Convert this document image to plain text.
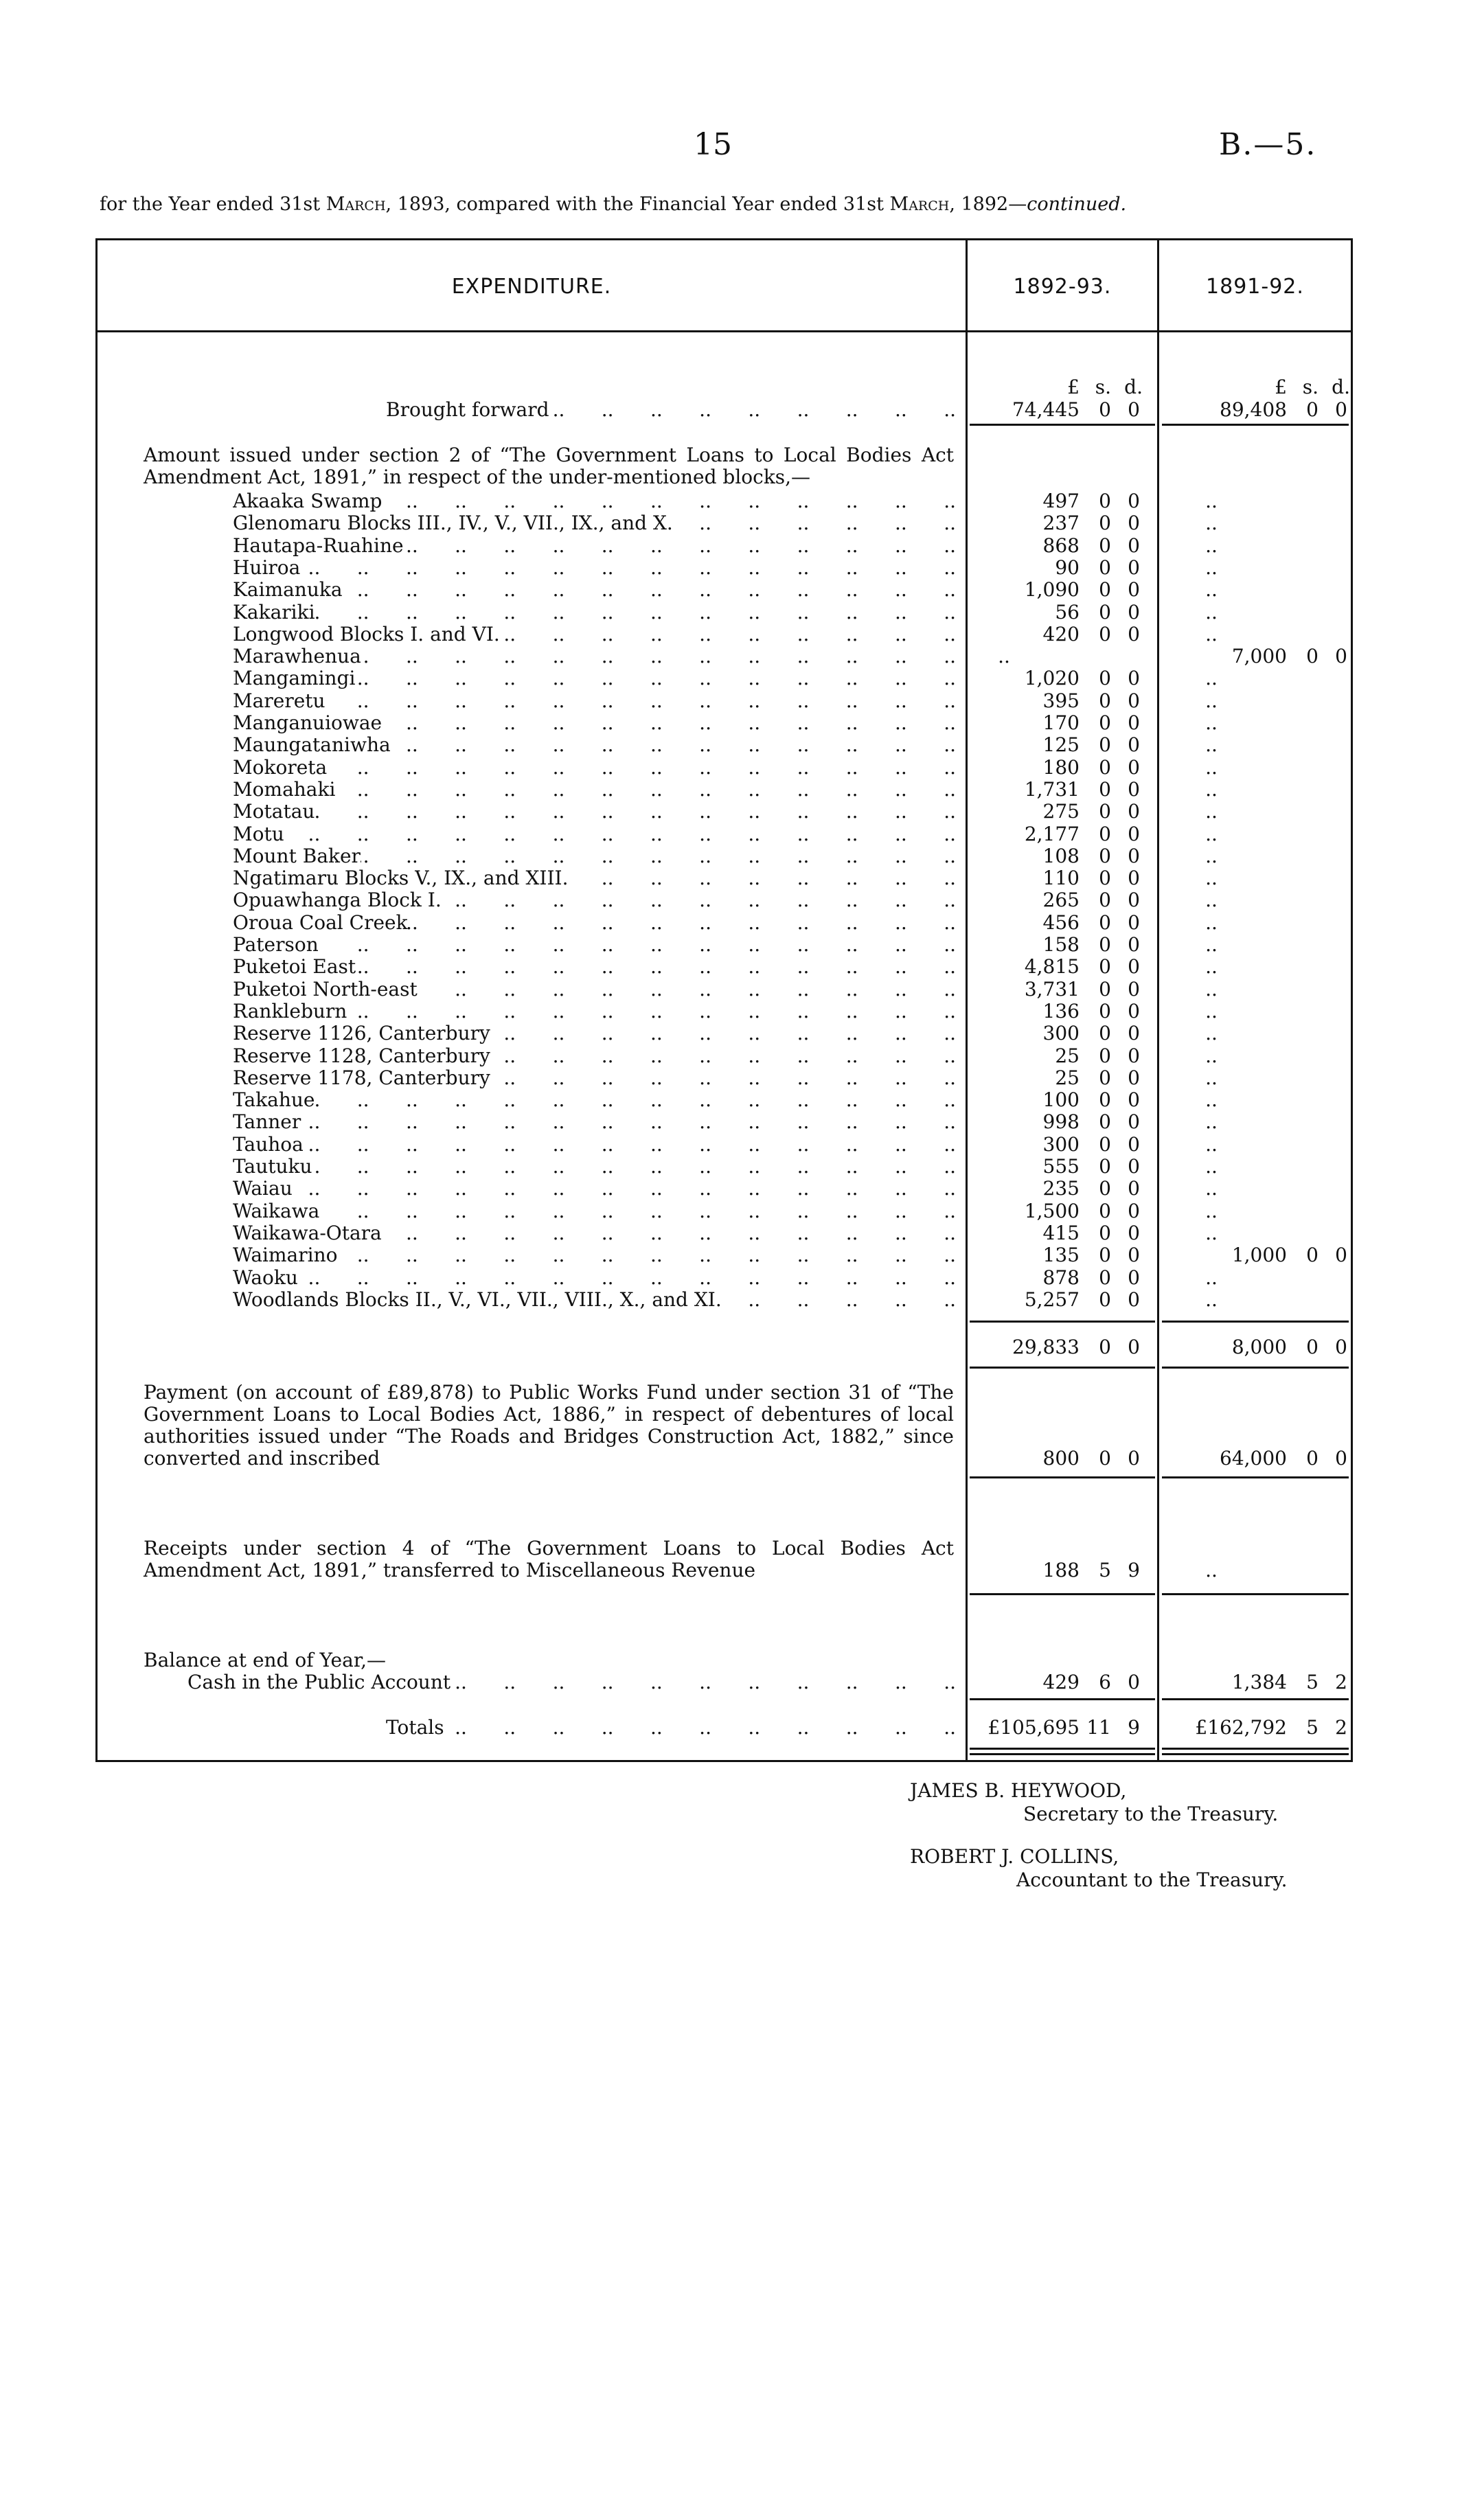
15	B.—5.
for the Year ended 31st March, 1893, compared with the Financial Year ended 31st March, 1892—continued.
EXPENDITURE.	1892-93.	1891-92.
£ s. d.	£ s. d.
Brought forward ..	74,445	0 0	89,408	0 0
Amount issued under section 2 of “The Government Loans to Local Bodies Act Amendment Act, 1891,” in respect of the under-mentioned blocks,—
Akaaka Swamp ..	497	0 0	..
Glenomaru Blocks III., IV., V., VII., IX., and X. ..	237	0 0	..
Hautapa-Ruahine ..	868	0 0	..
Huiroa ..	90	0 0	..
Kaimanuka ..	1,090	0 0	..
Kakariki ..	56	0 0	..
Longwood Blocks I. and VI. ..	420	0 0	..
Marawhenua ..	..	7,000	0 0
Mangamingi ..	1,020	0 0	..
Mareretu ..	395	0 0	..
Manganuiowae ..	170	0 0	..
Maungataniwha ..	125	0 0	..
Mokoreta ..	180	0 0	..
Momahaki ..	1,731	0 0	..
Motatau ..	275	0 0	..
Motu ..	2,177	0 0	..
Mount Baker ..	108	0 0	..
Ngatimaru Blocks V., IX., and XIII. ..	110	0 0	..
Opuawhanga Block I. ..	265	0 0	..
Oroua Coal Creek ..	456	0 0	..
Paterson ..	158	0 0	..
Puketoi East ..	4,815	0 0	..
Puketoi North-east ..	3,731	0 0	..
Rankleburn ..	136	0 0	..
Reserve 1126, Canterbury ..	300	0 0	..
Reserve 1128, Canterbury ..	25	0 0	..
Reserve 1178, Canterbury ..	25	0 0	..
Takahue ..	100	0 0	..
Tanner ..	998	0 0	..
Tauhoa ..	300	0 0	..
Tautuku ..	555	0 0	..
Waiau ..	235	0 0	..
Waikawa ..	1,500	0 0	..
Waikawa-Otara ..	415	0 0	..
Waimarino ..	135	0 0	1,000	0 0
Waoku ..	878	0 0	..
Woodlands Blocks II., V., VI., VII., VIII., X., and XI. ..	5,257	0 0	..
29,833	0 0	8,000	0 0
Payment (on account of £89,878) to Public Works Fund under section 31 of “The Government Loans to Local Bodies Act, 1886,” in respect of debentures of local authorities issued under “The Roads and Bridges Construction Act, 1882,” since converted and inscribed	800	0 0	64,000	0 0
Receipts under section 4 of “The Government Loans to Local Bodies Act Amendment Act, 1891,” transferred to Miscellaneous Revenue	188	5 9	..
Balance at end of Year,—
Cash in the Public Account ..	429	6 0	1,384	5 2
Totals ..	£105,695 11 9	£162,792	5 2
JAMES B. HEYWOOD,
Secretary to the Treasury.
ROBERT J. COLLINS,
Accountant to the Treasury.
